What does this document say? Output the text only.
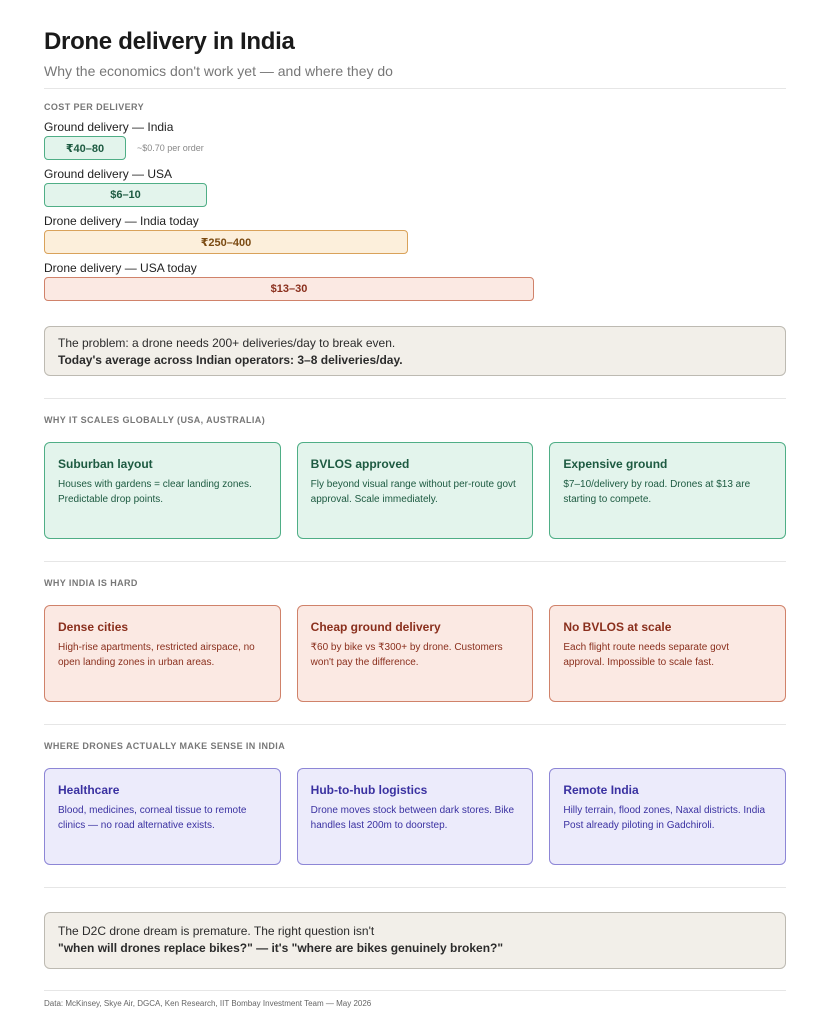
Drone delivery in India
Why the economics don't work yet — and where they do
COST PER DELIVERY
Ground delivery — India
₹40–80	~$0.70 per order
Ground delivery — USA
$6–10
Drone delivery — India today
₹250–400
Drone delivery — USA today
$13–30
The problem: a drone needs 200+ deliveries/day to break even.
Today's average across Indian operators: 3–8 deliveries/day.
WHY IT SCALES GLOBALLY (USA, AUSTRALIA)
Suburban layout
Houses with gardens = clear landing zones. Predictable drop points.
BVLOS approved
Fly beyond visual range without per-route govt approval. Scale immediately.
Expensive ground
$7–10/delivery by road. Drones at $13 are starting to compete.
WHY INDIA IS HARD
Dense cities
High-rise apartments, restricted airspace, no open landing zones in urban areas.
Cheap ground delivery
₹60 by bike vs ₹300+ by drone. Customers won't pay the difference.
No BVLOS at scale
Each flight route needs separate govt approval. Impossible to scale fast.
WHERE DRONES ACTUALLY MAKE SENSE IN INDIA
Healthcare
Blood, medicines, corneal tissue to remote clinics — no road alternative exists.
Hub-to-hub logistics
Drone moves stock between dark stores. Bike handles last 200m to doorstep.
Remote India
Hilly terrain, flood zones, Naxal districts. India Post already piloting in Gadchiroli.
The D2C drone dream is premature. The right question isn't
"when will drones replace bikes?" — it's "where are bikes genuinely broken?"
Data: McKinsey, Skye Air, DGCA, Ken Research, IIT Bombay Investment Team — May 2026
